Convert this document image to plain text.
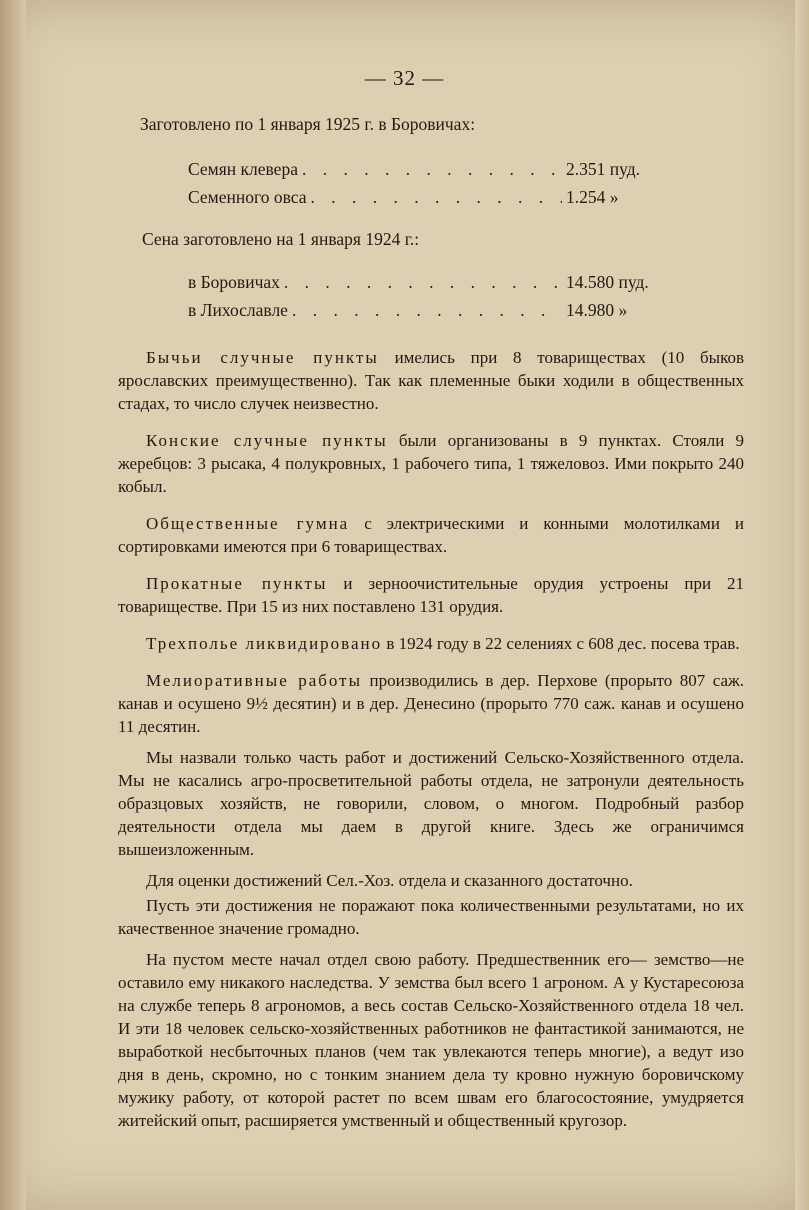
— 32 —
Заготовлено по 1 января 1925 г. в Боровичах:
Семян клевера . . .	2.351 пуд.
Семенного овса . . .	1.254 »
Сена заготовлено на 1 января 1924 г.:
в Боровичах . . .	14.580 пуд.
в Лихославле . . .	14.980 »

Бычьи случные пункты имелись при 8 товариществах (10 быков ярославских преимущественно). Так как племенные быки ходили в общественных стадах, то число случек неизвестно.

Конские случные пункты были организованы в 9 пунктах. Стояли 9 жеребцов: 3 рысака, 4 полукровных, 1 рабочего типа, 1 тяжеловоз. Ими покрыто 240 кобыл.

Общественные гумна с электрическими и конными молотилками и сортировками имеются при 6 товариществах.

Прокатные пункты и зерноочистительные орудия устроены при 21 товариществе. При 15 из них поставлено 131 орудия.

Трехполье ликвидировано в 1924 году в 22 селениях с 608 дес. посева трав.

Мелиоративные работы производились в дер. Перхове (прорыто 807 саж. канав и осушено 9½ десятин) и в дер. Денесино (прорыто 770 саж. канав и осушено 11 десятин.

Мы назвали только часть работ и достижений Сельско-Хозяйственного отдела. Мы не касались агро-просветительной работы отдела, не затронули деятельность образцовых хозяйств, не говорили, словом, о многом. Подробный разбор деятельности отдела мы даем в другой книге. Здесь же ограничимся вышеизложенным.

Для оценки достижений Сел.-Хоз. отдела и сказанного достаточно.

Пусть эти достижения не поражают пока количественными результатами, но их качественное значение громадно.

На пустом месте начал отдел свою работу. Предшественник его— земство—не оставило ему никакого наследства. У земства был всего 1 агроном. А у Кустаресоюза на службе теперь 8 агрономов, а весь состав Сельско-Хозяйственного отдела 18 чел. И эти 18 человек сельско-хозяйственных работников не фантастикой занимаются, не выработкой несбыточных планов (чем так увлекаются теперь многие), а ведут изо дня в день, скромно, но с тонким знанием дела ту кровно нужную боровичскому мужику работу, от которой растет по всем швам его благосостояние, умудряется житейский опыт, расширяется умственный и общественный кругозор.
